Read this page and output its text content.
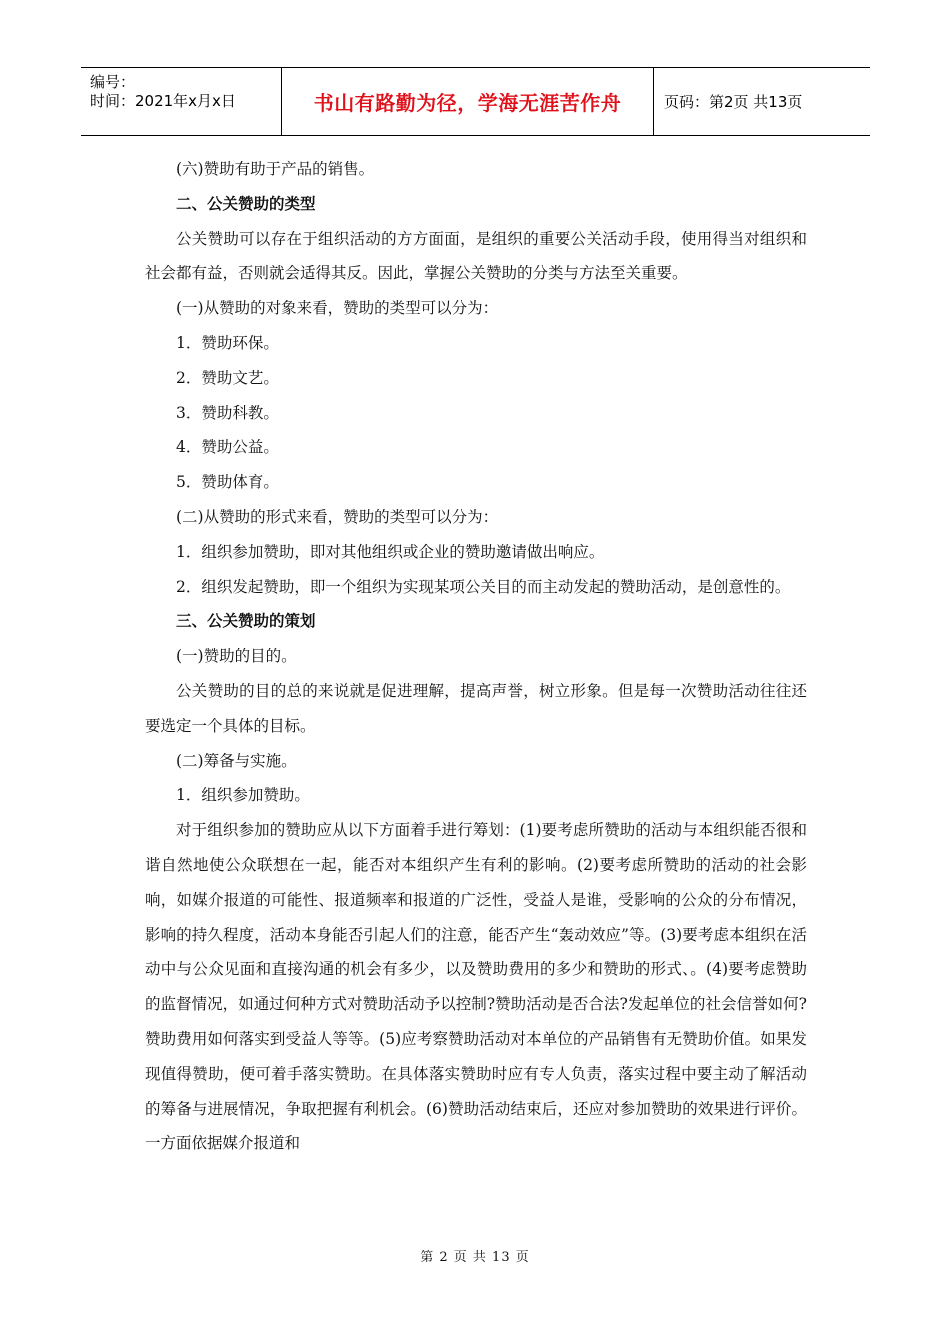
编号：
时间：2021年x月x日	书山有路勤为径，学海无涯苦作舟	页码：第2页 共13页

(六)赞助有助于产品的销售。

二、公关赞助的类型

公关赞助可以存在于组织活动的方方面面，是组织的重要公关活动手段，使用得当对组织和社会都有益，否则就会适得其反。因此，掌握公关赞助的分类与方法至关重要。

(一)从赞助的对象来看，赞助的类型可以分为：

1．赞助环保。

2．赞助文艺。

3．赞助科教。

4．赞助公益。

5．赞助体育。

(二)从赞助的形式来看，赞助的类型可以分为：

1．组织参加赞助，即对其他组织或企业的赞助邀请做出响应。

2．组织发起赞助，即一个组织为实现某项公关目的而主动发起的赞助活动，是创意性的。

三、公关赞助的策划

(一)赞助的目的。

公关赞助的目的总的来说就是促进理解，提高声誉，树立形象。但是每一次赞助活动往往还要选定一个具体的目标。

(二)筹备与实施。

1．组织参加赞助。

对于组织参加的赞助应从以下方面着手进行筹划：(1)要考虑所赞助的活动与本组织能否很和谐自然地使公众联想在一起，能否对本组织产生有利的影响。(2)要考虑所赞助的活动的社会影响，如媒介报道的可能性、报道频率和报道的广泛性，受益人是谁，受影响的公众的分布情况，影响的持久程度，活动本身能否引起人们的注意，能否产生“轰动效应”等。(3)要考虑本组织在活动中与公众见面和直接沟通的机会有多少，以及赞助费用的多少和赞助的形式、。(4)要考虑赞助的监督情况，如通过何种方式对赞助活动予以控制?赞助活动是否合法?发起单位的社会信誉如何?赞助费用如何落实到受益人等等。(5)应考察赞助活动对本单位的产品销售有无赞助价值。如果发现值得赞助，便可着手落实赞助。在具体落实赞助时应有专人负责，落实过程中要主动了解活动的筹备与进展情况，争取把握有利机会。(6)赞助活动结束后，还应对参加赞助的效果进行评价。一方面依据媒介报道和

第 2 页 共 13 页
